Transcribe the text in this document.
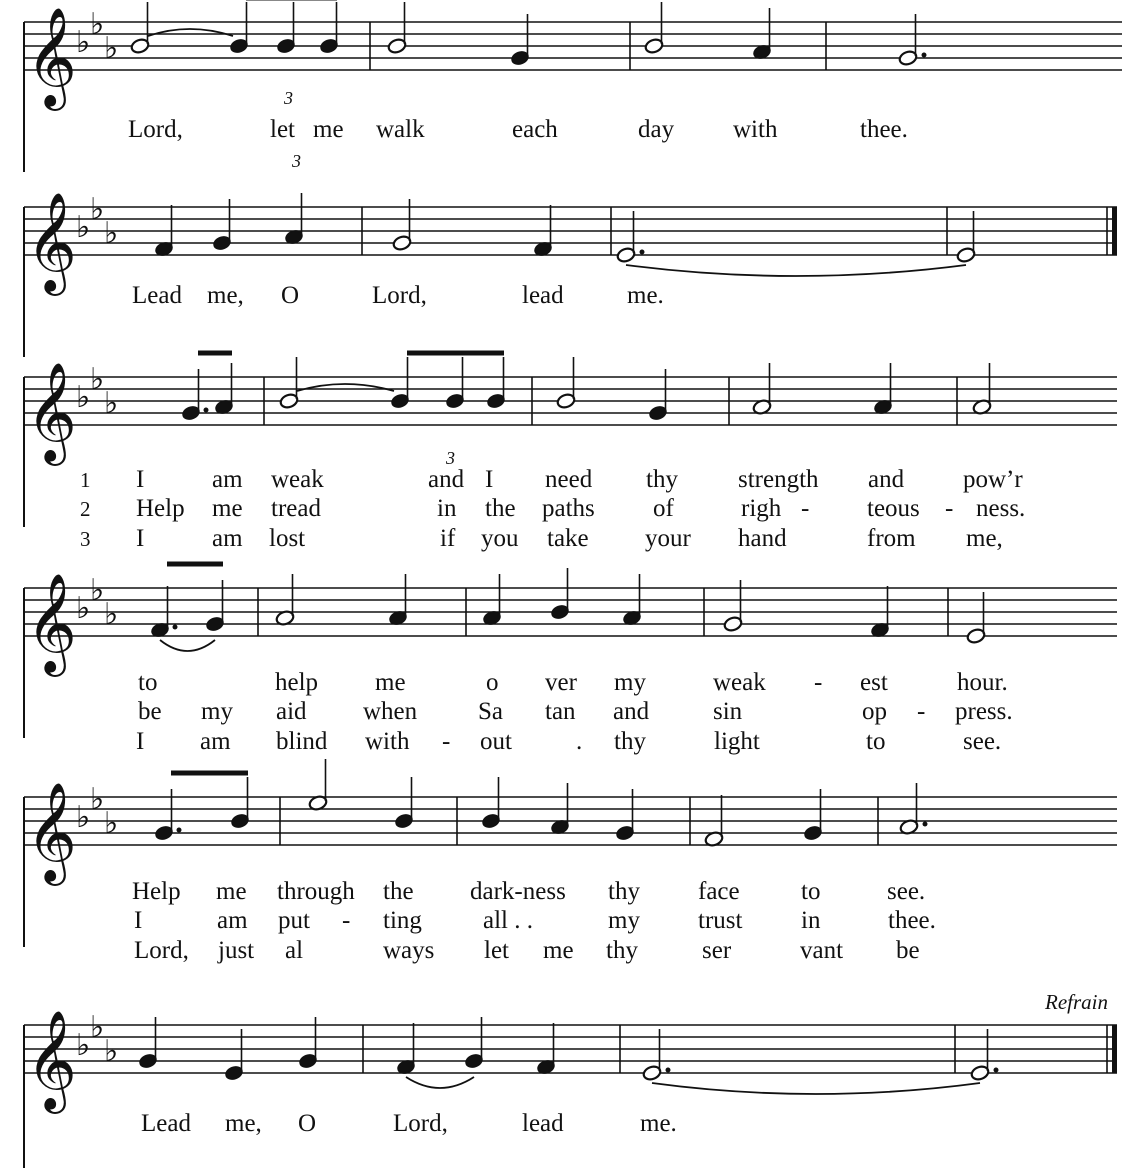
𝄞 ♭
♭
♭
3
3
𝄞 ♭
♭
♭
𝄞 ♭
♭
♭
3
𝄞 ♭
♭
♭
𝄞 ♭
♭
♭
𝄞 ♭
♭
♭
Lord,	let me walk	each	day with	thee.
Lead me, O	Lord,	lead	me.
1
2
3
I	am weak	and I need thy strength and pow’r
Help me tread	in the paths of	righ - teous - ness.
I	am lost	if you take your hand	from me,
to	help me	o ver my	weak - est	hour.
be my aid when Sa tan and	sin	op - press.
I am blind with - out	. thy	light	to	see.
Help me through the dark-ness thy face to	see.
I	am put - ting all . .	my trust in	thee.
Lord, just al	ways let me thy	ser	vant be
Lead me, O	Lord,	lead	me.
Refrain
